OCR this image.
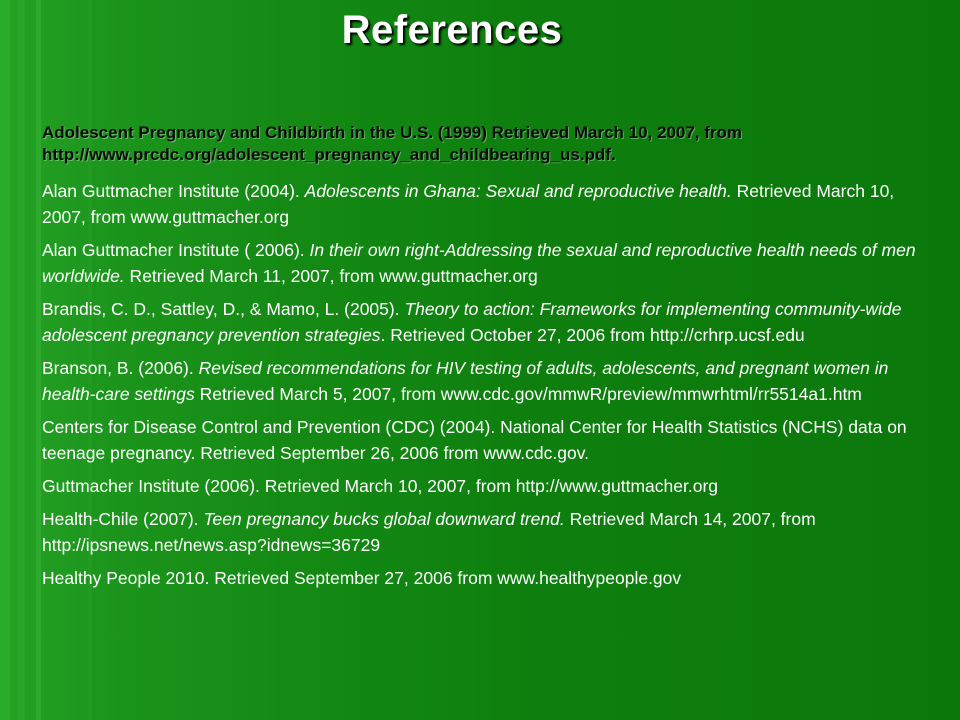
References

Adolescent Pregnancy and Childbirth in the U.S. (1999) Retrieved March 10, 2007, from http://www.prcdc.org/adolescent_pregnancy_and_childbearing_us.pdf.

Alan Guttmacher Institute (2004). Adolescents in Ghana: Sexual and reproductive health. Retrieved March 10, 2007, from www.guttmacher.org

Alan Guttmacher Institute ( 2006). In their own right-Addressing the sexual and reproductive health needs of men worldwide. Retrieved March 11, 2007, from www.guttmacher.org

Brandis, C. D., Sattley, D., & Mamo, L. (2005). Theory to action: Frameworks for implementing community-wide adolescent pregnancy prevention strategies. Retrieved October 27, 2006 from http://crhrp.ucsf.edu

Branson, B. (2006). Revised recommendations for HIV testing of adults, adolescents, and pregnant women in health-care settings Retrieved March 5, 2007, from www.cdc.gov/mmwR/preview/mmwrhtml/rr5514a1.htm

Centers for Disease Control and Prevention (CDC) (2004). National Center for Health Statistics (NCHS) data on teenage pregnancy. Retrieved September 26, 2006 from www.cdc.gov.

Guttmacher Institute (2006). Retrieved March 10, 2007, from http://www.guttmacher.org

Health-Chile (2007). Teen pregnancy bucks global downward trend. Retrieved March 14, 2007, from http://ipsnews.net/news.asp?idnews=36729

Healthy People 2010. Retrieved September 27, 2006 from www.healthypeople.gov
